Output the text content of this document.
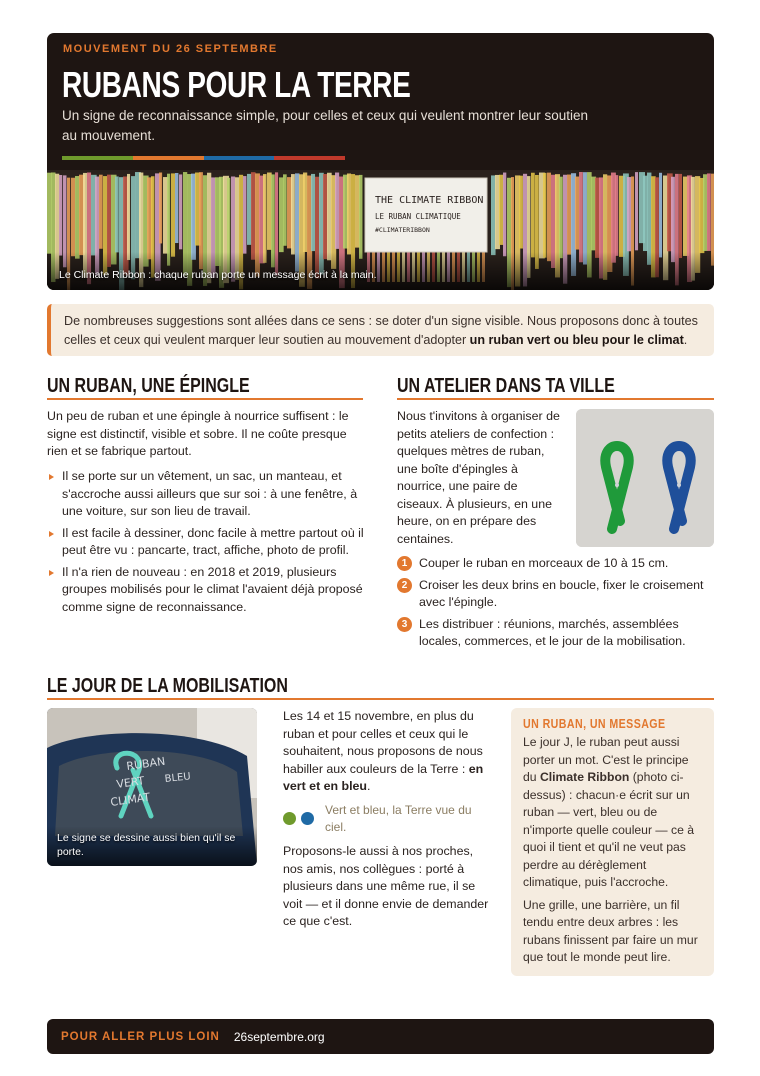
MOUVEMENT DU 26 SEPTEMBRE
RUBANS POUR LA TERRE
Un signe de reconnaissance simple, pour celles et ceux qui veulent montrer leur soutien au mouvement.
THE CLIMATE RIBBON
LE RUBAN CLIMATIQUE
#CLIMATERIBBON
Le Climate Ribbon : chaque ruban porte un message écrit à la main.
De nombreuses suggestions sont allées dans ce sens : se doter d'un signe visible. Nous proposons donc à toutes celles et ceux qui veulent marquer leur soutien au mouvement d'adopter un ruban vert ou bleu pour le climat.
UN RUBAN, UNE ÉPINGLE
Un peu de ruban et une épingle à nourrice suffisent : le signe est distinctif, visible et sobre. Il ne coûte presque rien et se fabrique partout.
Il se porte sur un vêtement, un sac, un manteau, et s'accroche aussi ailleurs que sur soi : à une fenêtre, à une voiture, sur son lieu de travail.
Il est facile à dessiner, donc facile à mettre partout où il peut être vu : pancarte, tract, affiche, photo de profil.
Il n'a rien de nouveau : en 2018 et 2019, plusieurs groupes mobilisés pour le climat l'avaient déjà proposé comme signe de reconnaissance.
UN ATELIER DANS TA VILLE
Nous t'invitons à organiser de petits ateliers de confection : quelques mètres de ruban, une boîte d'épingles à nourrice, une paire de ciseaux. À plusieurs, en une heure, on en prépare des centaines.
1 Couper le ruban en morceaux de 10 à 15 cm.
2 Croiser les deux brins en boucle, fixer le croisement avec l'épingle.
3 Les distribuer : réunions, marchés, assemblées locales, commerces, et le jour de la mobilisation.
LE JOUR DE LA MOBILISATION
RUBAN
VERT BLEU
CLIMAT
Le signe se dessine aussi bien qu'il se porte.
Les 14 et 15 novembre, en plus du ruban et pour celles et ceux qui le souhaitent, nous proposons de nous habiller aux couleurs de la Terre : en vert et en bleu.
Vert et bleu, la Terre vue du ciel.
Proposons-le aussi à nos proches, nos amis, nos collègues : porté à plusieurs dans une même rue, il se voit — et il donne envie de demander ce que c'est.
UN RUBAN, UN MESSAGE

Le jour J, le ruban peut aussi porter un mot. C'est le principe du Climate Ribbon (photo ci-dessus) : chacun·e écrit sur un ruban — vert, bleu ou de n'importe quelle couleur — ce à quoi il tient et qu'il ne veut pas perdre au dérèglement climatique, puis l'accroche.

Une grille, une barrière, un fil tendu entre deux arbres : les rubans finissent par faire un mur que tout le monde peut lire.

POUR ALLER PLUS LOIN 26septembre.org
